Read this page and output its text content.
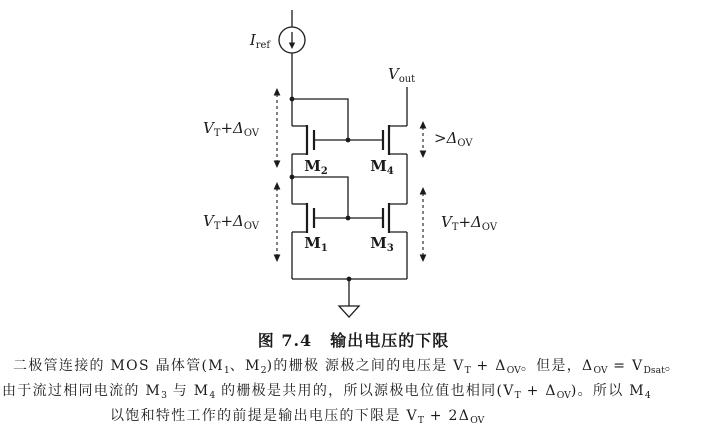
$I_{ref}$
$V_{out}$
$M_2$	$M_4$
$M_1$	$M_3$
$V_T+\Delta_{OV}$
$V_T+\Delta_{OV}$
$>\Delta_{OV}$
$V_T+\Delta_{OV}$
图 7.4 输出电压的下限
二极管连接的 MOS 晶体管($M_1$、$M_2$)的栅极 源极之间的电压是 $V_T + \Delta_{OV}$。但是，$\Delta_{OV} = V_{Dsat}$。
由于流过相同电流的 $M_3$ 与 $M_4$ 的栅极是共用的，所以源极电位值也相同$(V_T + \Delta_{OV})$。所以 $M_4$
以饱和特性工作的前提是输出电压的下限是 $V_T + 2\Delta_{OV}$
